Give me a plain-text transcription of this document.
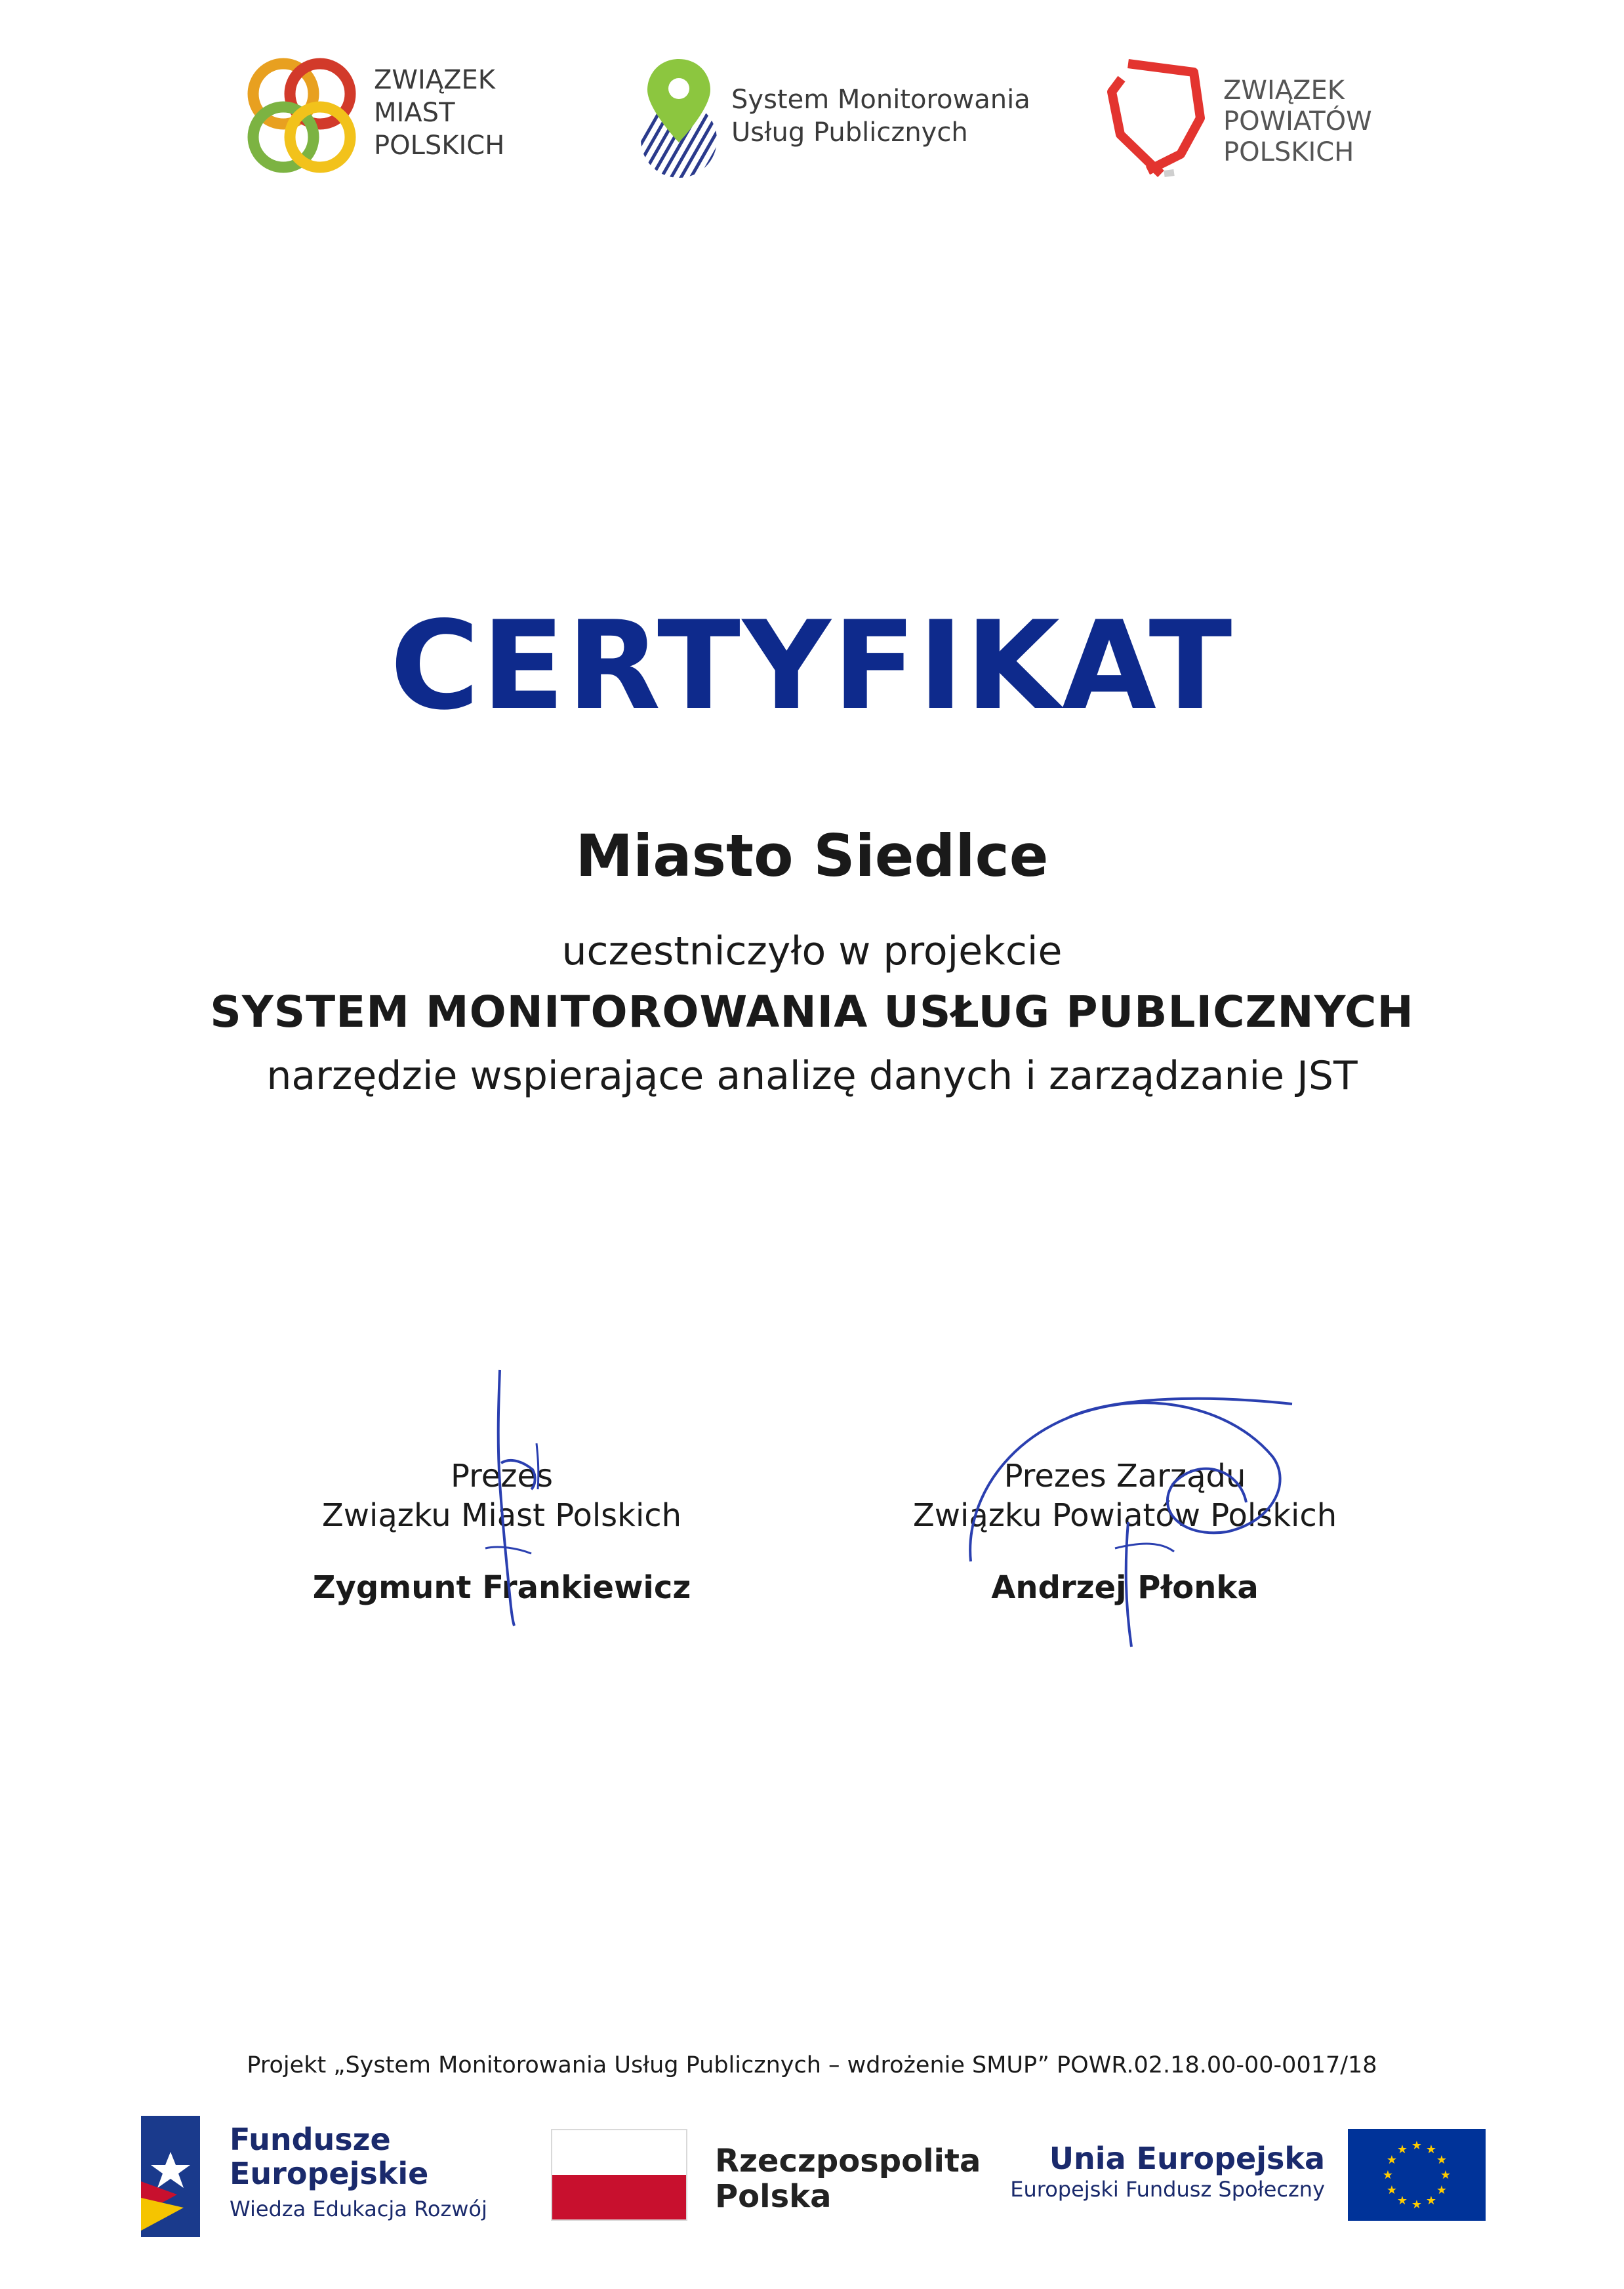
ZWIĄZEK
MIAST
POLSKICH
System Monitorowania
Usług Publicznych
ZWIĄZEK
POWIATÓW
POLSKICH
CERTYFIKAT
Miasto Siedlce
uczestniczyło w projekcie
SYSTEM MONITOROWANIA USŁUG PUBLICZNYCH
narzędzie wspierające analizę danych i zarządzanie JST
Prezes
Związku Miast Polskich
Zygmunt Frankiewicz
Prezes Zarządu
Związku Powiatów Polskich
Andrzej Płonka
Projekt „System Monitorowania Usług Publicznych – wdrożenie SMUP” POWR.02.18.00-00-0017/18
Fundusze
Europejskie
Wiedza Edukacja Rozwój
Rzeczpospolita
Polska
Unia Europejska
Europejski Fundusz Społeczny
★ ★
★
★
★
★
★
★
★
★
★
★
